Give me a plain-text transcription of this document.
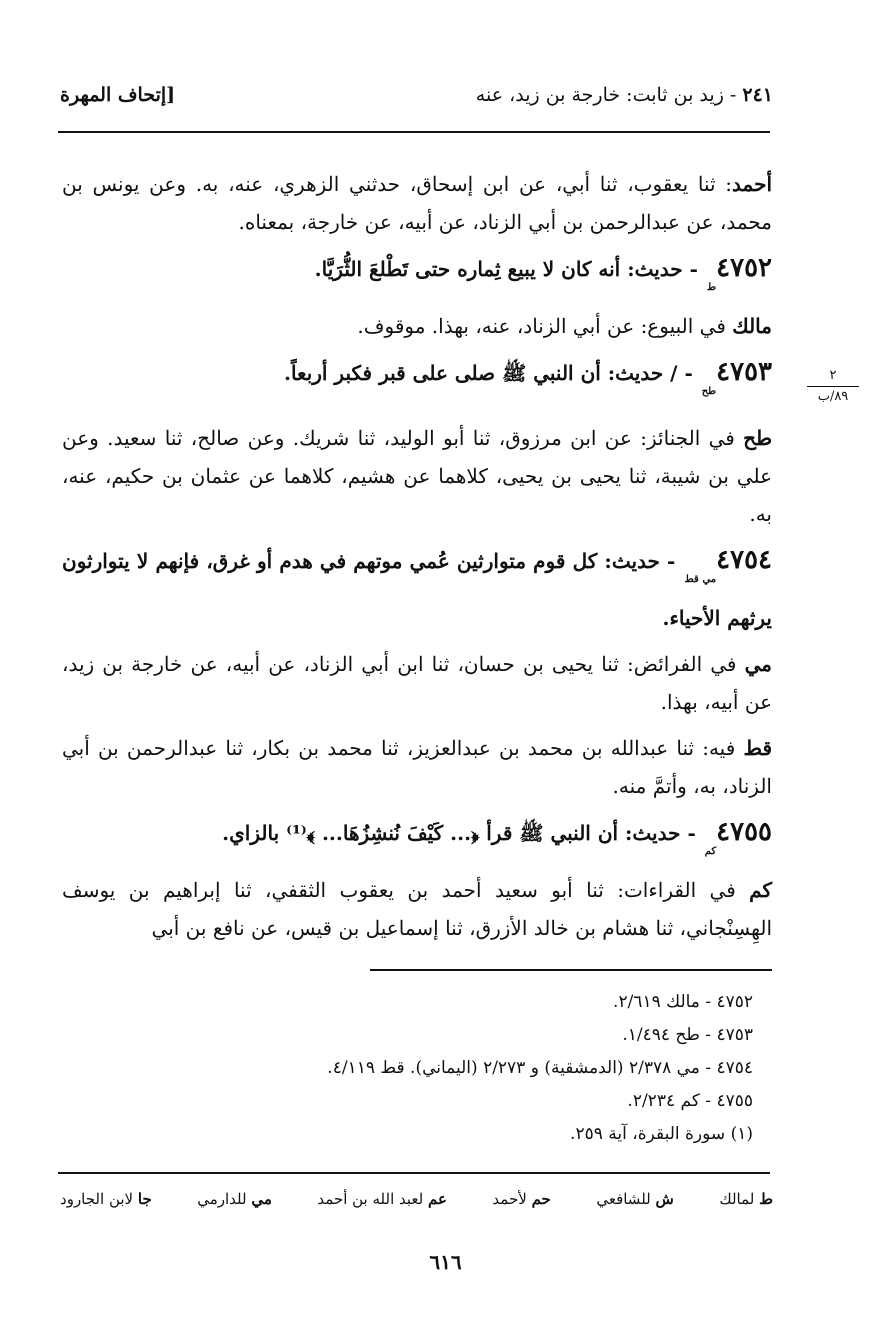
٢٤١ - زيد بن ثابت: خارجة بن زيد، عنه
[إتحاف المهرة
٢
٨٩/ب

أحمد: ثنا يعقوب، ثنا أبي، عن ابن إسحاق، حدثني الزهري، عنه، به. وعن يونس بن محمد، عن عبدالرحمن بن أبي الزناد، عن أبيه، عن خارجة، بمعناه.

$٤٧٥٢_ط$ - حديث: أنه كان لا يبيع ثِماره حتى تَطْلعَ الثُّرَيَّا.

مالك في البيوع: عن أبي الزناد، عنه، بهذا. موقوف.

$٤٧٥٣_{طح}$ - / حديث: أن النبي ﷺ صلى على قبر فكبر أربعاً.

طح في الجنائز: عن ابن مرزوق، ثنا أبو الوليد، ثنا شريك. وعن صالح، ثنا سعيد. وعن علي بن شيبة، ثنا يحيى بن يحيى، كلاهما عن هشيم، كلاهما عن عثمان بن حكيم، عنه، به.

$٤٧٥٤_{مي قط}$ - حديث: كل قوم متوارثين عُمي موتهم في هدم أو غرق، فإنهم لا يتوارثون يرثهم الأحياء.

مي في الفرائض: ثنا يحيى بن حسان، ثنا ابن أبي الزناد، عن أبيه، عن خارجة بن زيد، عن أبيه، بهذا.

قط فيه: ثنا عبدالله بن محمد بن عبدالعزيز، ثنا محمد بن بكار، ثنا عبدالرحمن بن أبي الزناد، به، وأتمَّ منه.

$٤٧٥٥_{كم}$ - حديث: أن النبي ﷺ قرأ ﴿... كَيْفَ نُنشِزُهَا... ﴾⁽¹⁾ بالزاي.

كم في القراءات: ثنا أبو سعيد أحمد بن يعقوب الثقفي، ثنا إبراهيم بن يوسف الهِسِنْجاني، ثنا هشام بن خالد الأزرق، ثنا إسماعيل بن قيس، عن نافع بن أبي

٤٧٥٢ - مالك ٢/٦١٩.
٤٧٥٣ - طح ١/٤٩٤.
٤٧٥٤ - مي ٢/٣٧٨ (الدمشقية) و ٢/٢٧٣ (اليماني). قط ٤/١١٩.
٤٧٥٥ - كم ٢/٢٣٤.
(١) سورة البقرة، آية ٢٥٩.
ط لمالك
ش للشافعي
حم لأحمد
عم لعبد الله بن أحمد
مي للدارمي
جا لابن الجارود
٦١٦
